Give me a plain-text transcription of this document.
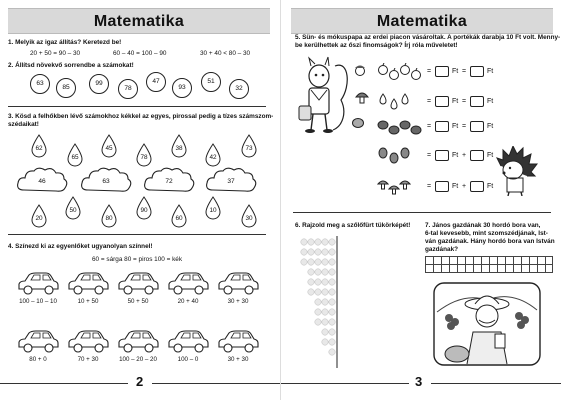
Matematika
1. Melyik az igaz állítás? Keretezd be!
20 + 50 = 90 – 30	60 – 40 = 100 – 90	30 + 40 < 80 – 30
2. Állítsd növekvő sorrendbe a számokat!
63
85
99
78
47
93
51
32
3. Kösd a felhőkben lévő számokhoz kékkel az egyes, pirossal pedig a tízes számszom-
szédaikat!
62
65
45
78
38
42
73
46	63	72	37
20
50
80
90
60
10
30
4. Színezd ki az egyenlőket ugyanolyan színnel!
60 = sárga 80 = piros 100 = kék
100 – 10 – 10	10 + 50	50 + 50	20 + 40	30 + 30
80 + 0	70 + 30	100 – 20 – 20	100 – 0	30 + 30
2
Matematika
5. Sün- és mókuspapa az erdei piacon vásároltak. A portékák darabja 10 Ft volt. Menny-
be kerülhettek az őszi finomságok? Írj róla műveletet!
=	Ft =	Ft
=	Ft =	Ft
=	Ft =	Ft
=	Ft +	Ft
=	Ft +	Ft
6. Rajzold meg a szőlőfürt tükörképét! 7. János gazdának 30 hordó bora van,
6-tal kevesebb, mint szomszédjának, Ist-
ván gazdának. Hány hordó bora van István
gazdának?
3
